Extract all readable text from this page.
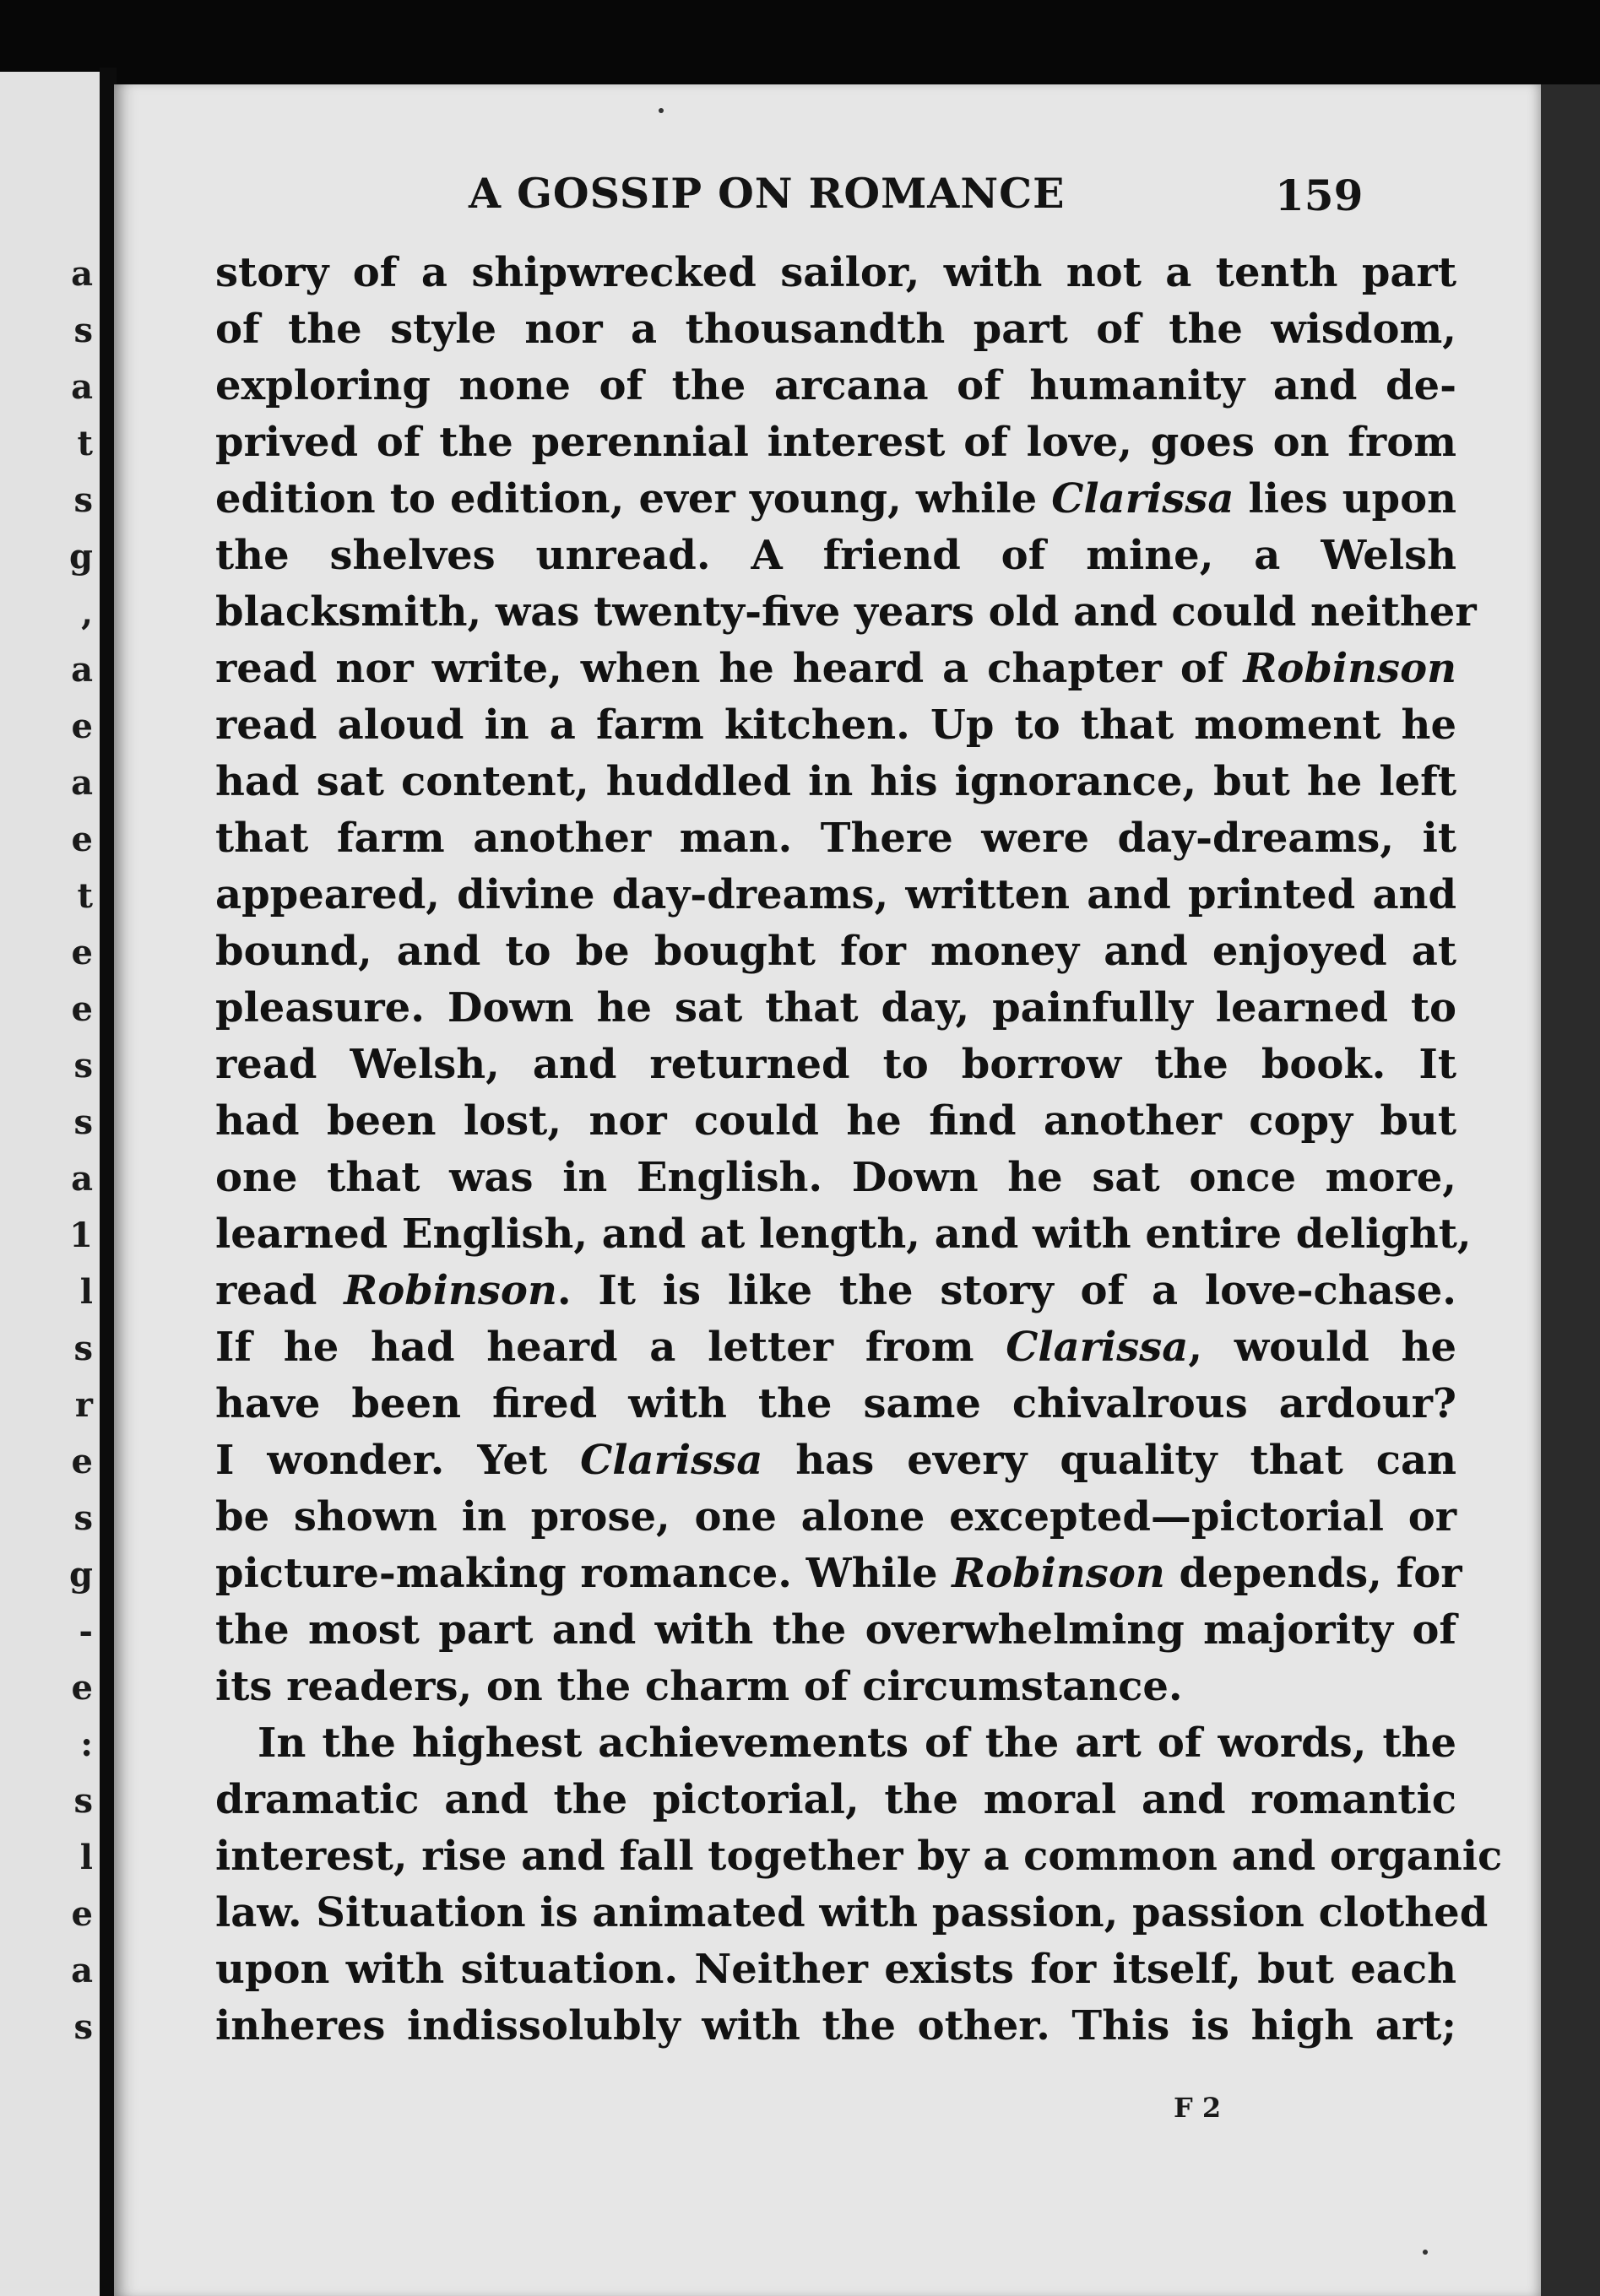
a
s
a
t
s
g
,
a
e
a
e
t
e
e
s
s
a
1
l
s
r
e
s
g
-
e
:
s
l
e
a
s
A GOSSIP ON ROMANCE	159
story of a shipwrecked sailor, with not a tenth part
of the style nor a thousandth part of the wisdom,
exploring none of the arcana of humanity and de-
prived of the perennial interest of love, goes on from
edition to edition, ever young, while Clarissa lies upon
the shelves unread. A friend of mine, a Welsh
blacksmith, was twenty-five years old and could neither
read nor write, when he heard a chapter of Robinson
read aloud in a farm kitchen. Up to that moment he
had sat content, huddled in his ignorance, but he left
that farm another man. There were day-dreams, it
appeared, divine day-dreams, written and printed and
bound, and to be bought for money and enjoyed at
pleasure. Down he sat that day, painfully learned to
read Welsh, and returned to borrow the book. It
had been lost, nor could he find another copy but
one that was in English. Down he sat once more,
learned English, and at length, and with entire delight,
read Robinson. It is like the story of a love-chase.
If he had heard a letter from Clarissa, would he
have been fired with the same chivalrous ardour?
I wonder. Yet Clarissa has every quality that can
be shown in prose, one alone excepted—pictorial or
picture-making romance. While Robinson depends, for
the most part and with the overwhelming majority of
its readers, on the charm of circumstance.
In the highest achievements of the art of words, the
dramatic and the pictorial, the moral and romantic
interest, rise and fall together by a common and organic
law. Situation is animated with passion, passion clothed
upon with situation. Neither exists for itself, but each
inheres indissolubly with the other. This is high art;
F 2
